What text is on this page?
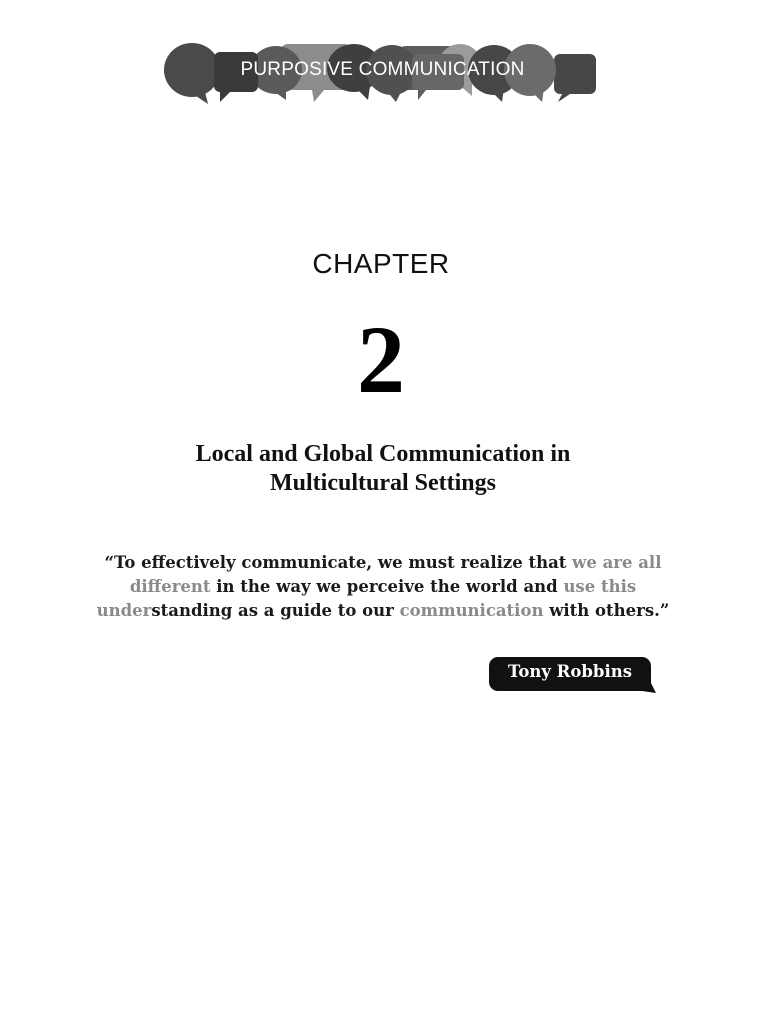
PURPOSIVE COMMUNICATION
CHAPTER
2
Local and Global Communication in
Multicultural Settings
“To effectively communicate, we must realize that we are all
different in the way we perceive the world and use this
understanding as a guide to our communication with others.”
Tony Robbins
